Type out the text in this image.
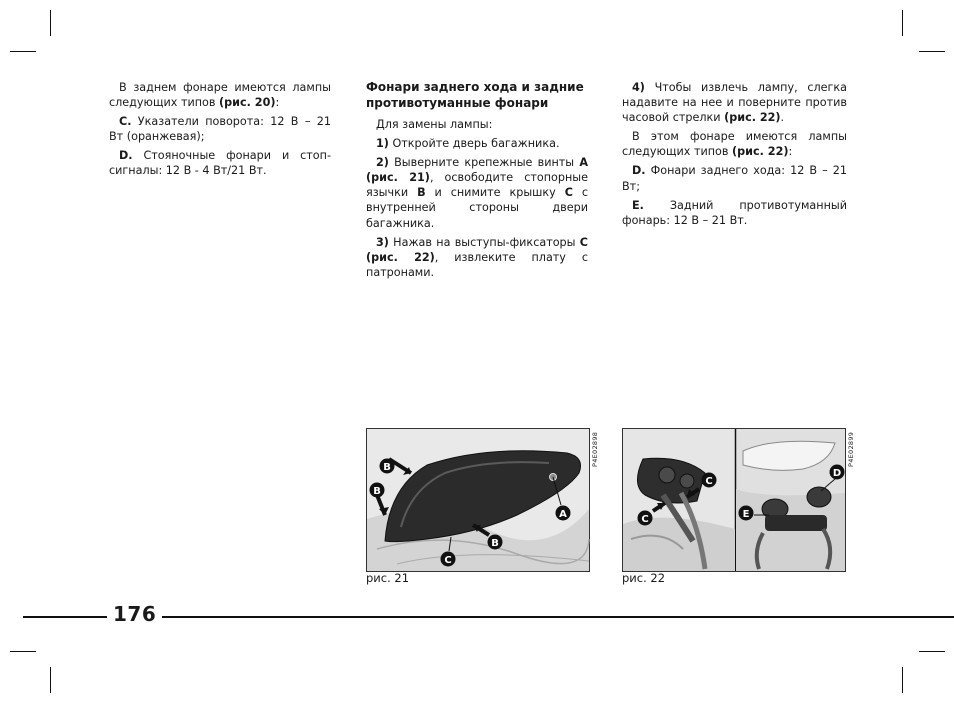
В заднем фонаре имеются лампы следующих типов (рис. 20):

C. Указатели поворота: 12 В – 21 Вт (оранжевая);

D. Стояночные фонари и стоп-сигналы: 12 В - 4 Вт/21 Вт.

Фонари заднего хода и задние противотуманные фонари

Для замены лампы:

1) Откройте дверь багажника.

2) Выверните крепежные винты A (рис. 21), освободите стопорные язычки B и снимите крышку C с внутренней стороны двери багажника.

3) Нажав на выступы-фиксаторы C (рис. 22), извлеките плату с патронами.

4) Чтобы извлечь лампу, слегка надавите на нее и поверните против часовой стрелки (рис. 22).

В этом фонаре имеются лампы следующих типов (рис. 22):

D. Фонари заднего хода: 12 В – 21 Вт;

E. Задний противотуманный фонарь: 12 В – 21 Вт.

B
B
B
A
C
P4E02898
рис. 21
C
C
D
E
P4E02899
рис. 22
176
